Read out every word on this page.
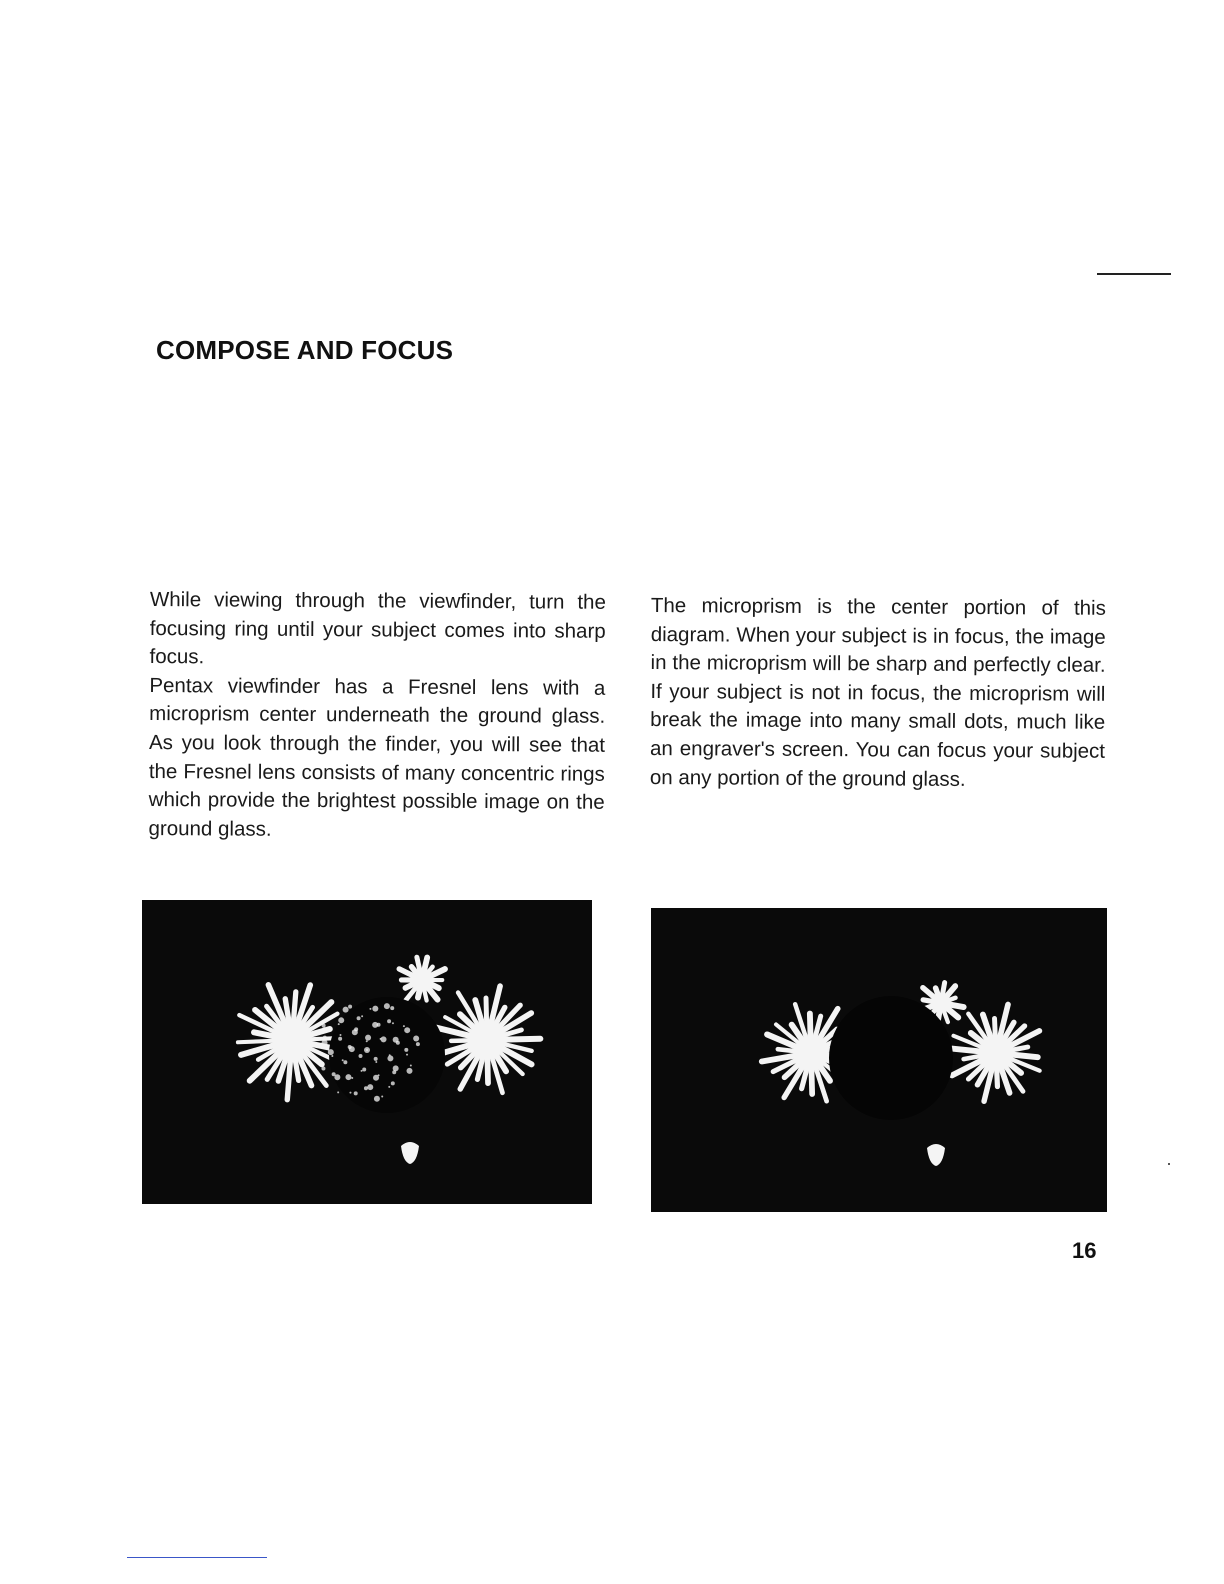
COMPOSE AND FOCUS

While viewing through the viewfinder, turn the focusing ring until your subject comes into sharp focus.

Pentax viewfinder has a Fresnel lens with a microprism center underneath the ground glass. As you look through the finder, you will see that the Fresnel lens consists of many concentric rings which provide the brightest possible image on the ground glass.

The microprism is the center portion of this diagram. When your subject is in focus, the image in the microprism will be sharp and perfectly clear. If your subject is not in focus, the microprism will break the image into many small dots, much like an engraver's screen. You can focus your subject on any portion of the ground glass.

16
